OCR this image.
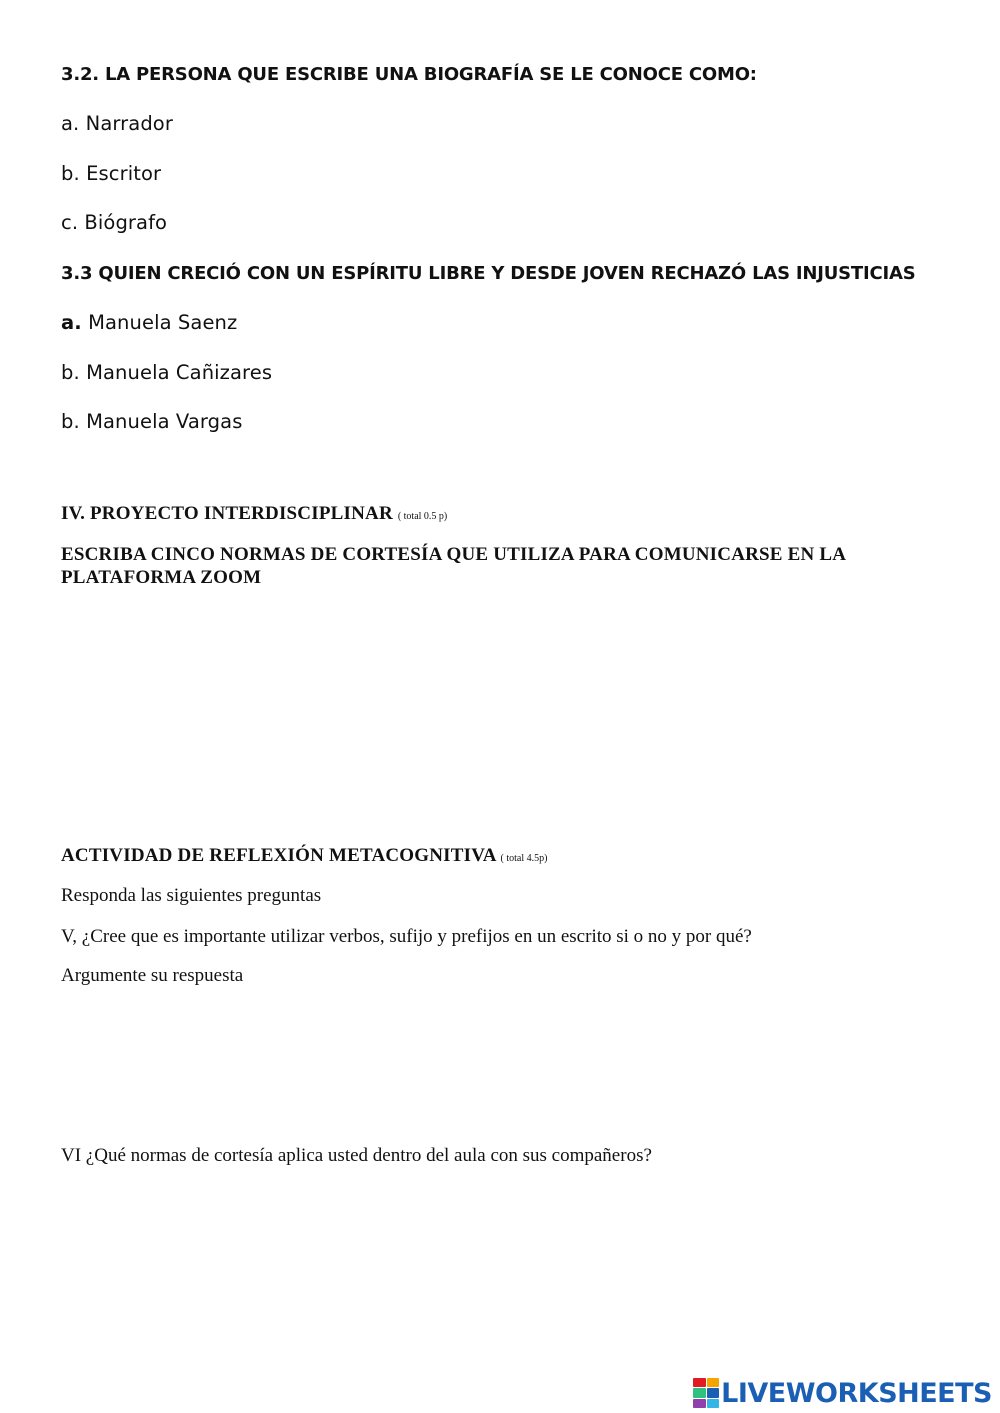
3.2. LA PERSONA QUE ESCRIBE UNA BIOGRAFÍA SE LE CONOCE COMO:
a. Narrador
b. Escritor
c. Biógrafo
3.3 QUIEN CRECIÓ CON UN ESPÍRITU LIBRE Y DESDE JOVEN RECHAZÓ LAS INJUSTICIAS
a. Manuela Saenz
b. Manuela Cañizares
b. Manuela Vargas
IV. PROYECTO INTERDISCIPLINAR ( total 0.5 p)
ESCRIBA CINCO NORMAS DE CORTESÍA QUE UTILIZA PARA COMUNICARSE EN LA PLATAFORMA ZOOM
ACTIVIDAD DE REFLEXIÓN METACOGNITIVA ( total 4.5p)
Responda las siguientes preguntas
V, ¿Cree que es importante utilizar verbos, sufijo y prefijos en un escrito si o no y por qué?
Argumente su respuesta
VI ¿Qué normas de cortesía aplica usted dentro del aula con sus compañeros?
LIVEWORKSHEETS
